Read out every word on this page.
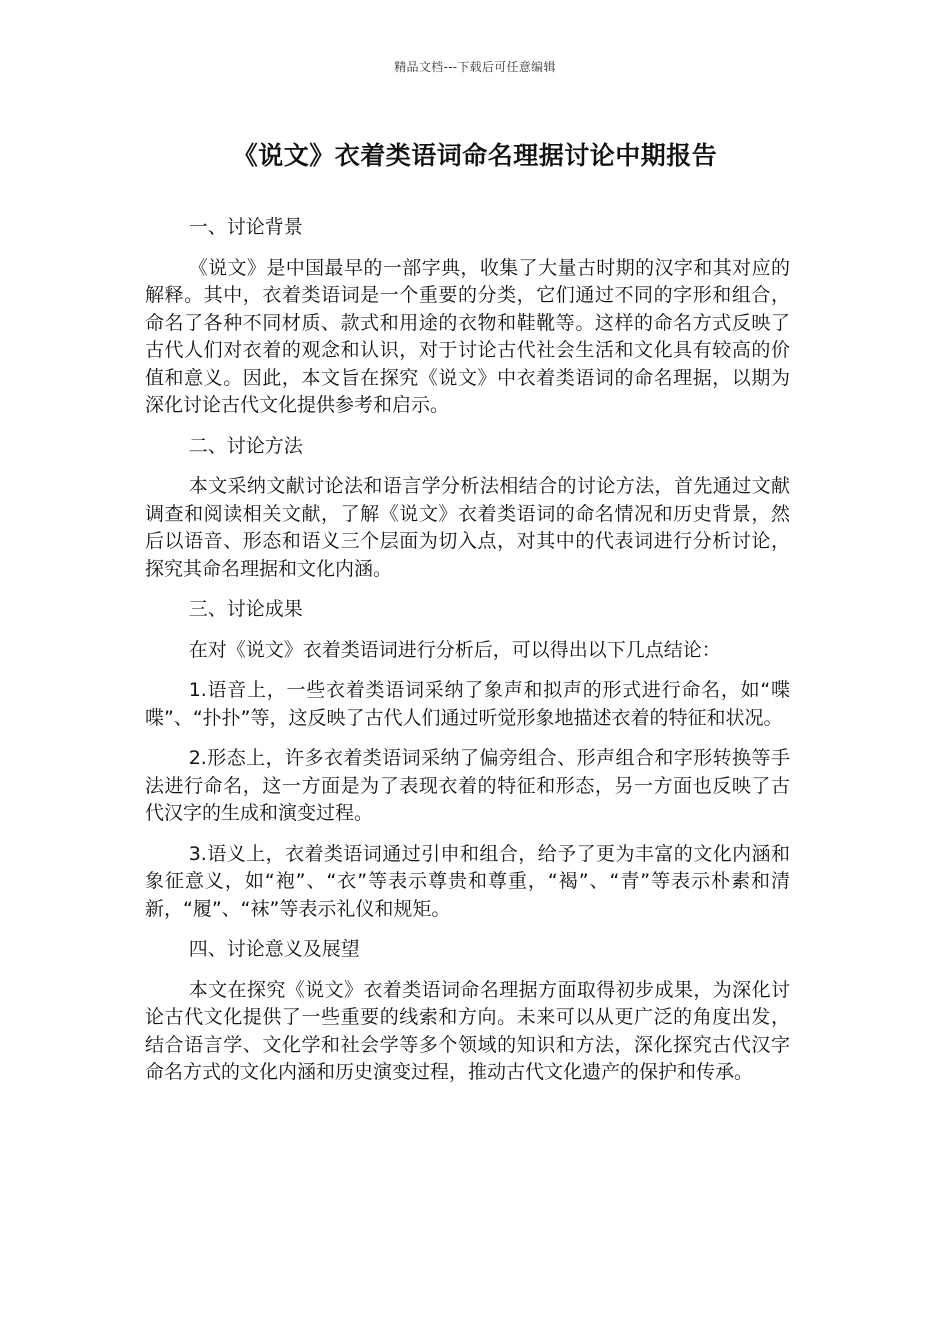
精品文档---下载后可任意编辑
《说文》衣着类语词命名理据讨论中期报告

一、讨论背景

《说文》是中国最早的一部字典，收集了大量古时期的汉字和其对应的解释。其中，衣着类语词是一个重要的分类，它们通过不同的字形和组合，命名了各种不同材质、款式和用途的衣物和鞋靴等。这样的命名方式反映了古代人们对衣着的观念和认识，对于讨论古代社会生活和文化具有较高的价值和意义。因此，本文旨在探究《说文》中衣着类语词的命名理据，以期为深化讨论古代文化提供参考和启示。

二、讨论方法

本文采纳文献讨论法和语言学分析法相结合的讨论方法，首先通过文献调查和阅读相关文献，了解《说文》衣着类语词的命名情况和历史背景，然后以语音、形态和语义三个层面为切入点，对其中的代表词进行分析讨论，探究其命名理据和文化内涵。

三、讨论成果

在对《说文》衣着类语词进行分析后，可以得出以下几点结论：

1.语音上，一些衣着类语词采纳了象声和拟声的形式进行命名，如“喋喋”、“扑扑”等，这反映了古代人们通过听觉形象地描述衣着的特征和状况。

2.形态上，许多衣着类语词采纳了偏旁组合、形声组合和字形转换等手法进行命名，这一方面是为了表现衣着的特征和形态，另一方面也反映了古代汉字的生成和演变过程。

3.语义上，衣着类语词通过引申和组合，给予了更为丰富的文化内涵和象征意义，如“袍”、“衣”等表示尊贵和尊重，“褐”、“青”等表示朴素和清新，“履”、“袜”等表示礼仪和规矩。

四、讨论意义及展望

本文在探究《说文》衣着类语词命名理据方面取得初步成果，为深化讨论古代文化提供了一些重要的线索和方向。未来可以从更广泛的角度出发，结合语言学、文化学和社会学等多个领域的知识和方法，深化探究古代汉字命名方式的文化内涵和历史演变过程，推动古代文化遗产的保护和传承。
